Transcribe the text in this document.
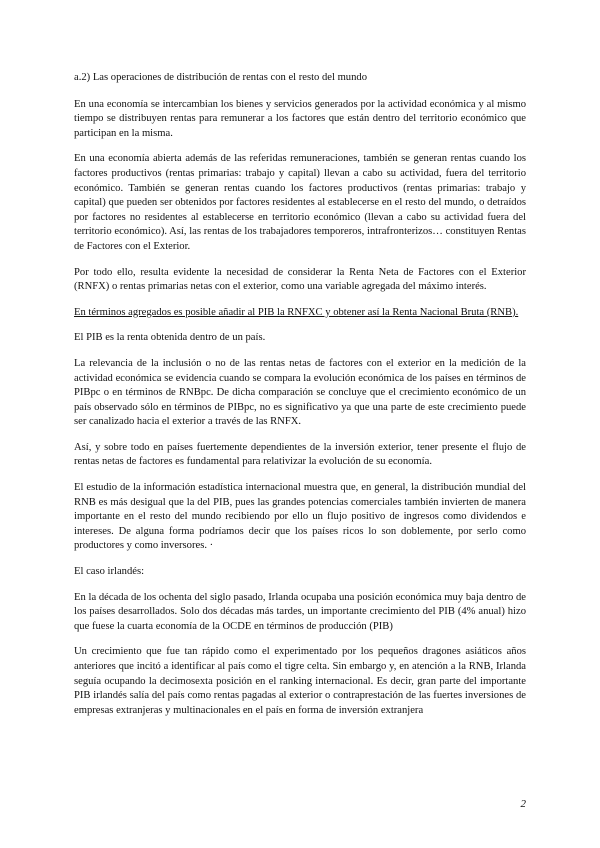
a.2) Las operaciones de distribución de rentas con el resto del mundo

En una economía se intercambian los bienes y servicios generados por la actividad económica y al mismo tiempo se distribuyen rentas para remunerar a los factores que están dentro del territorio económico que participan en la misma.

En una economía abierta además de las referidas remuneraciones, también se generan rentas cuando los factores productivos (rentas primarias: trabajo y capital) llevan a cabo su actividad, fuera del territorio económico. También se generan rentas cuando los factores productivos (rentas primarias: trabajo y capital) que pueden ser obtenidos por factores residentes al establecerse en el resto del mundo, o detraídos por factores no residentes al establecerse en territorio económico (llevan a cabo su actividad fuera del territorio económico). Así, las rentas de los trabajadores temporeros, intrafronterizos… constituyen Rentas de Factores con el Exterior.

Por todo ello, resulta evidente la necesidad de considerar la Renta Neta de Factores con el Exterior (RNFX) o rentas primarias netas con el exterior, como una variable agregada del máximo interés.

En términos agregados es posible añadir al PIB la RNFXC y obtener así la Renta Nacional Bruta (RNB).

El PIB es la renta obtenida dentro de un país.

La relevancia de la inclusión o no de las rentas netas de factores con el exterior en la medición de la actividad económica se evidencia cuando se compara la evolución económica de los países en términos de PIBpc o en términos de RNBpc. De dicha comparación se concluye que el crecimiento económico de un país observado sólo en términos de PIBpc, no es significativo ya que una parte de este crecimiento puede ser canalizado hacia el exterior a través de las RNFX.

Así, y sobre todo en países fuertemente dependientes de la inversión exterior, tener presente el flujo de rentas netas de factores es fundamental para relativizar la evolución de su economía.

El estudio de la información estadística internacional muestra que, en general, la distribución mundial del RNB es más desigual que la del PIB, pues las grandes potencias comerciales también invierten de manera importante en el resto del mundo recibiendo por ello un flujo positivo de ingresos como dividendos e intereses. De alguna forma podríamos decir que los países ricos lo son doblemente, por serlo como productores y como inversores. ·

El caso irlandés:

En la década de los ochenta del siglo pasado, Irlanda ocupaba una posición económica muy baja dentro de los países desarrollados. Solo dos décadas más tardes, un importante crecimiento del PIB (4% anual) hizo que fuese la cuarta economía de la OCDE en términos de producción (PIB)

Un crecimiento que fue tan rápido como el experimentado por los pequeños dragones asiáticos años anteriores que incitó a identificar al país como el tigre celta. Sin embargo y, en atención a la RNB, Irlanda seguía ocupando la decimosexta posición en el ranking internacional. Es decir, gran parte del importante PIB irlandés salía del país como rentas pagadas al exterior o contraprestación de las fuertes inversiones de empresas extranjeras y multinacionales en el país en forma de inversión extranjera

2
